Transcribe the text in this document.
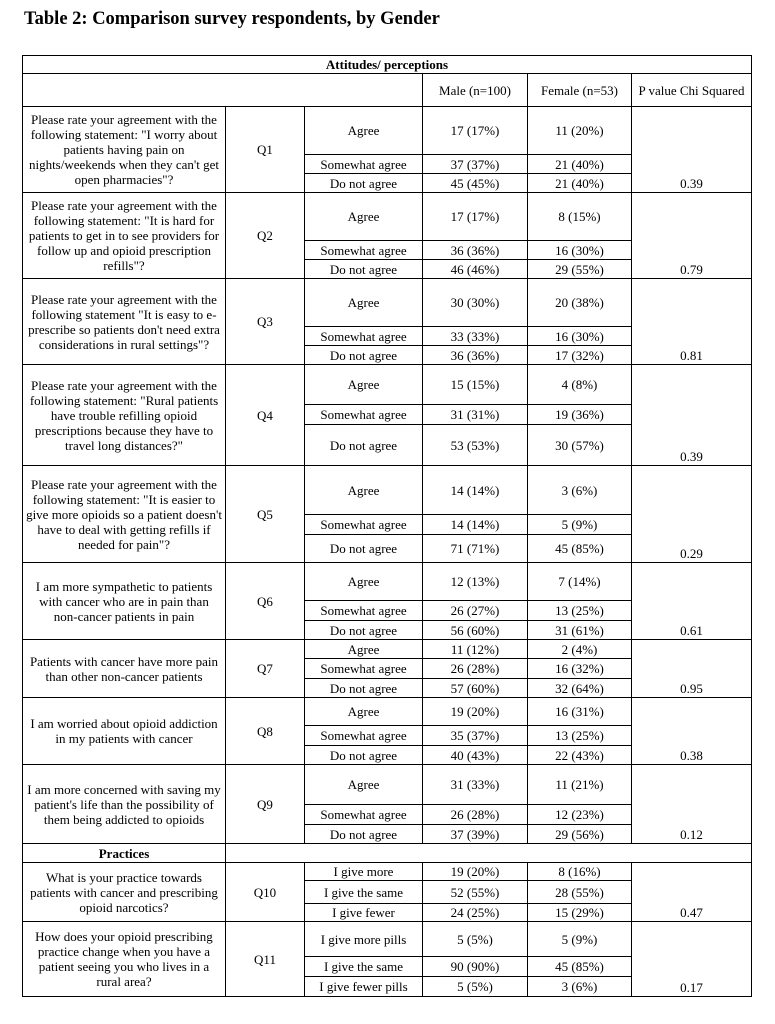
Table 2: Comparison survey respondents, by Gender
Attitudes/ perceptions					
			Male (n=100)	Female (n=53)	P value Chi Squared
Please rate your agreement with the following statement: "I worry about patients having pain on nights/weekends when they can't get open pharmacies"?	Q1	Agree	17 (17%)	11 (20%)	0.39
		Somewhat agree	37 (37%)	21 (40%)	
		Do not agree	45 (45%)	21 (40%)	
Please rate your agreement with the following statement: "It is hard for patients to get in to see providers for follow up and opioid prescription refills"?	Q2	Agree	17 (17%)	8 (15%)	0.79
		Somewhat agree	36 (36%)	16 (30%)	
		Do not agree	46 (46%)	29 (55%)	
Please rate your agreement with the following statement "It is easy to e-prescribe so patients don't need extra considerations in rural settings"?	Q3	Agree	30 (30%)	20 (38%)	0.81
		Somewhat agree	33 (33%)	16 (30%)	
		Do not agree	36 (36%)	17 (32%)	
Please rate your agreement with the following statement: "Rural patients have trouble refilling opioid prescriptions because they have to travel long distances?"	Q4	Agree	15 (15%)	4 (8%)	0.39
		Somewhat agree	31 (31%)	19 (36%)	
		Do not agree	53 (53%)	30 (57%)	
Please rate your agreement with the following statement: "It is easier to give more opioids so a patient doesn't have to deal with getting refills if needed for pain"?	Q5	Agree	14 (14%)	3 (6%)	0.29
		Somewhat agree	14 (14%)	5 (9%)	
		Do not agree	71 (71%)	45 (85%)	
I am more sympathetic to patients with cancer who are in pain than non-cancer patients in pain	Q6	Agree	12 (13%)	7 (14%)	0.61
		Somewhat agree	26 (27%)	13 (25%)	
		Do not agree	56 (60%)	31 (61%)	
Patients with cancer have more pain than other non-cancer patients	Q7	Agree	11 (12%)	2 (4%)	0.95
		Somewhat agree	26 (28%)	16 (32%)	
		Do not agree	57 (60%)	32 (64%)	
I am worried about opioid addiction in my patients with cancer	Q8	Agree	19 (20%)	16 (31%)	0.38
		Somewhat agree	35 (37%)	13 (25%)	
		Do not agree	40 (43%)	22 (43%)	
I am more concerned with saving my patient's life than the possibility of them being addicted to opioids	Q9	Agree	31 (33%)	11 (21%)	0.12
		Somewhat agree	26 (28%)	12 (23%)	
		Do not agree	37 (39%)	29 (56%)	
Practices					
What is your practice towards patients with cancer and prescribing opioid narcotics?	Q10	I give more	19 (20%)	8 (16%)	0.47
		I give the same	52 (55%)	28 (55%)	
		I give fewer	24 (25%)	15 (29%)	
How does your opioid prescribing practice change when you have a patient seeing you who lives in a rural area?	Q11	I give more pills	5 (5%)	5 (9%)	0.17
		I give the same	90 (90%)	45 (85%)	
		I give fewer pills	5 (5%)	3 (6%)	
